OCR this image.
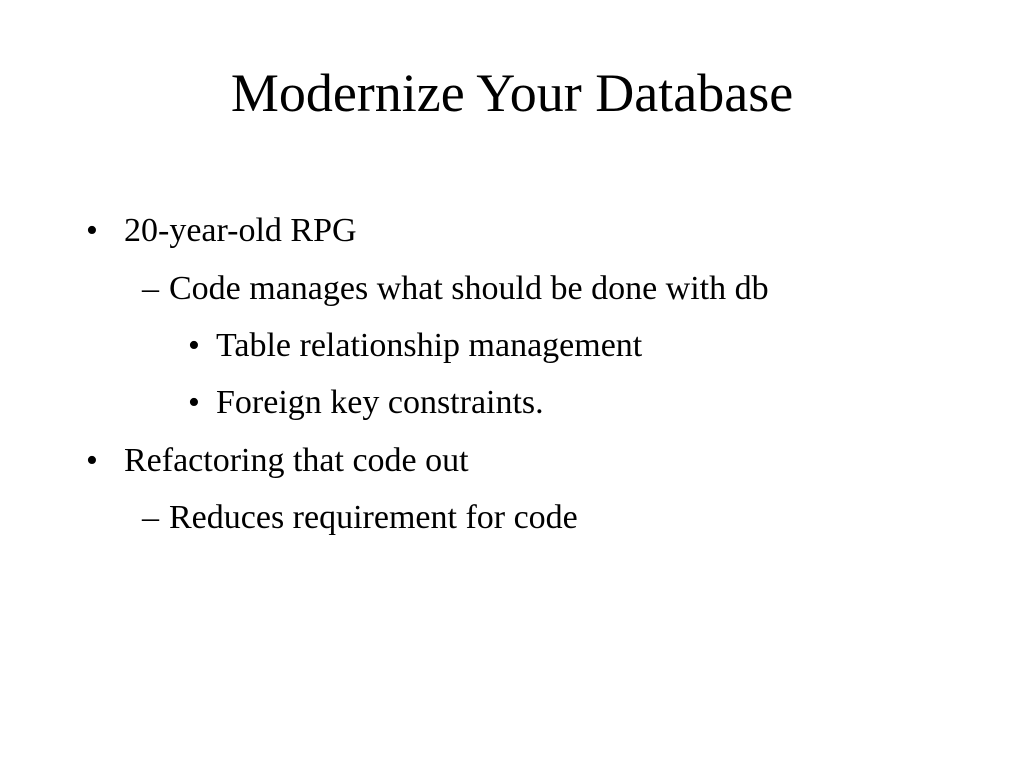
Modernize Your Database
• 20-year-old RPG
– Code manages what should be done with db
• Table relationship management
• Foreign key constraints.
• Refactoring that code out
– Reduces requirement for code
